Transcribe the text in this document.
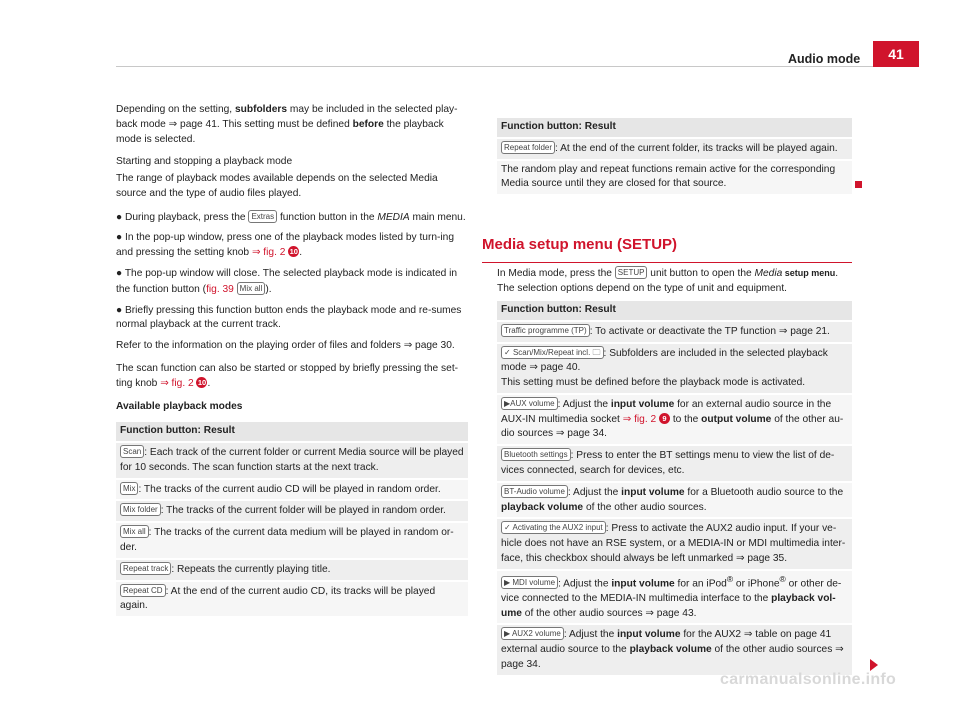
Audio mode	41

Depending on the setting, subfolders may be included in the selected play-back mode ⇒ page 41. This setting must be defined before the playback mode is selected.

Starting and stopping a playback mode

The range of playback modes available depends on the selected Media source and the type of audio files played.

● During playback, press the Extras function button in the MEDIA main menu.

● In the pop-up window, press one of the playback modes listed by turn-ing and pressing the setting knob ⇒ fig. 2 10.

● The pop-up window will close. The selected playback mode is indicated in the function button (fig. 39 Mix all ).

● Briefly pressing this function button ends the playback mode and re-sumes normal playback at the current track.

Refer to the information on the playing order of files and folders ⇒ page 30.

The scan function can also be started or stopped by briefly pressing the set-ting knob ⇒ fig. 2 10.

Available playback modes
Function button: Result
Scan : Each track of the current folder or current Media source will be played for 10 seconds. The scan function starts at the next track.
Mix : The tracks of the current audio CD will be played in random order.
Mix folder : The tracks of the current folder will be played in random order.
Mix all : The tracks of the current data medium will be played in random or-der.
Repeat track : Repeats the currently playing title.
Repeat CD : At the end of the current audio CD, its tracks will be played again.
Function button: Result
Repeat folder : At the end of the current folder, its tracks will be played again.
The random play and repeat functions remain active for the corresponding Media source until they are closed for that source.
Media setup menu (SETUP)

In Media mode, press the SETUP unit button to open the Media setup menu. The selection options depend on the type of unit and equipment.

Function button: Result
Traffic programme (TP) : To activate or deactivate the TP function ⇒ page 21.
✓ Scan/Mix/Repeat incl. 🗀 : Subfolders are included in the selected playback mode ⇒ page 40.
This setting must be defined before the playback mode is activated.
▶AUX volume : Adjust the input volume for an external audio source in the AUX-IN multimedia socket ⇒ fig. 2 9 to the output volume of the other au-dio sources ⇒ page 34.
Bluetooth settings : Press to enter the BT settings menu to view the list of de-vices connected, search for devices, etc.
BT-Audio volume : Adjust the input volume for a Bluetooth audio source to the playback volume of the other audio sources.
✓ Activating the AUX2 input : Press to activate the AUX2 audio input. If your ve-hicle does not have an RSE system, or a MEDIA-IN or MDI multimedia inter-face, this checkbox should always be left unmarked ⇒ page 35.
▶ MDI volume : Adjust the input volume for an iPod® or iPhone® or other de-vice connected to the MEDIA-IN multimedia interface to the playback vol-ume of the other audio sources ⇒ page 43.
▶ AUX2 volume : Adjust the input volume for the AUX2 ⇒ table on page 41 external audio source to the playback volume of the other audio sources ⇒ page 34.
carmanualsonline.info
